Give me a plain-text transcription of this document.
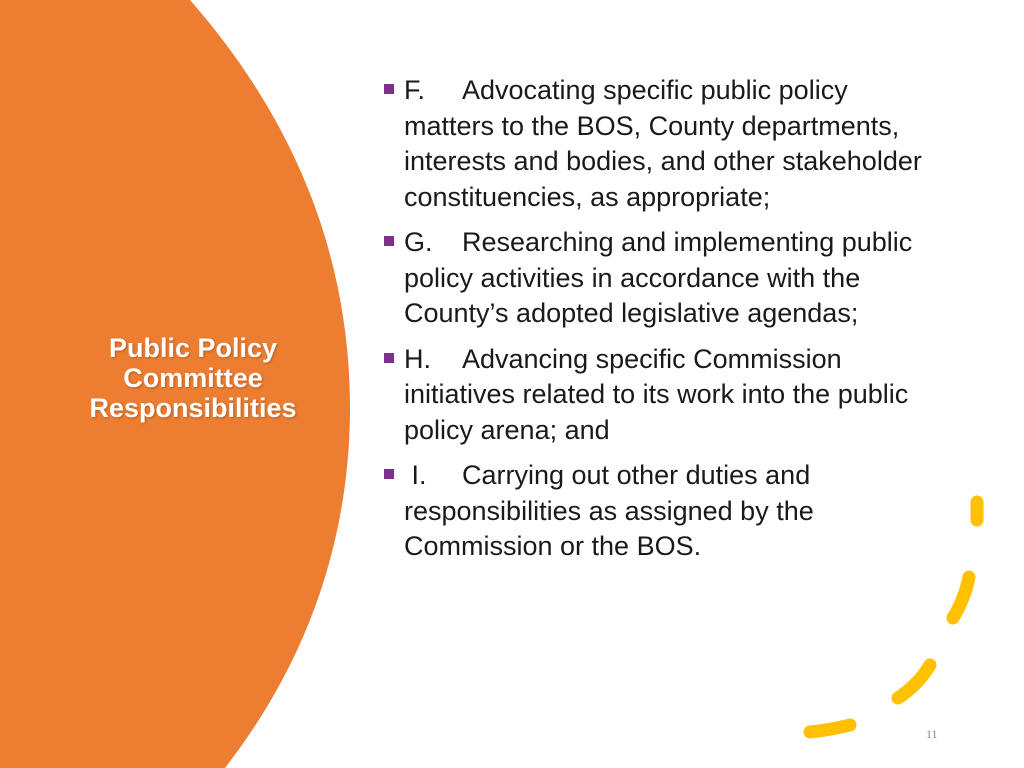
Public Policy
Committee
Responsibilities
F. Advocating specific public policy matters to the BOS, County departments, interests and bodies, and other stakeholder constituencies, as appropriate;
G. Researching and implementing public policy activities in accordance with the County’s adopted legislative agendas;
H. Advancing specific Commission initiatives related to its work into the public policy arena; and
I. Carrying out other duties and responsibilities as assigned by the Commission or the BOS.
11
